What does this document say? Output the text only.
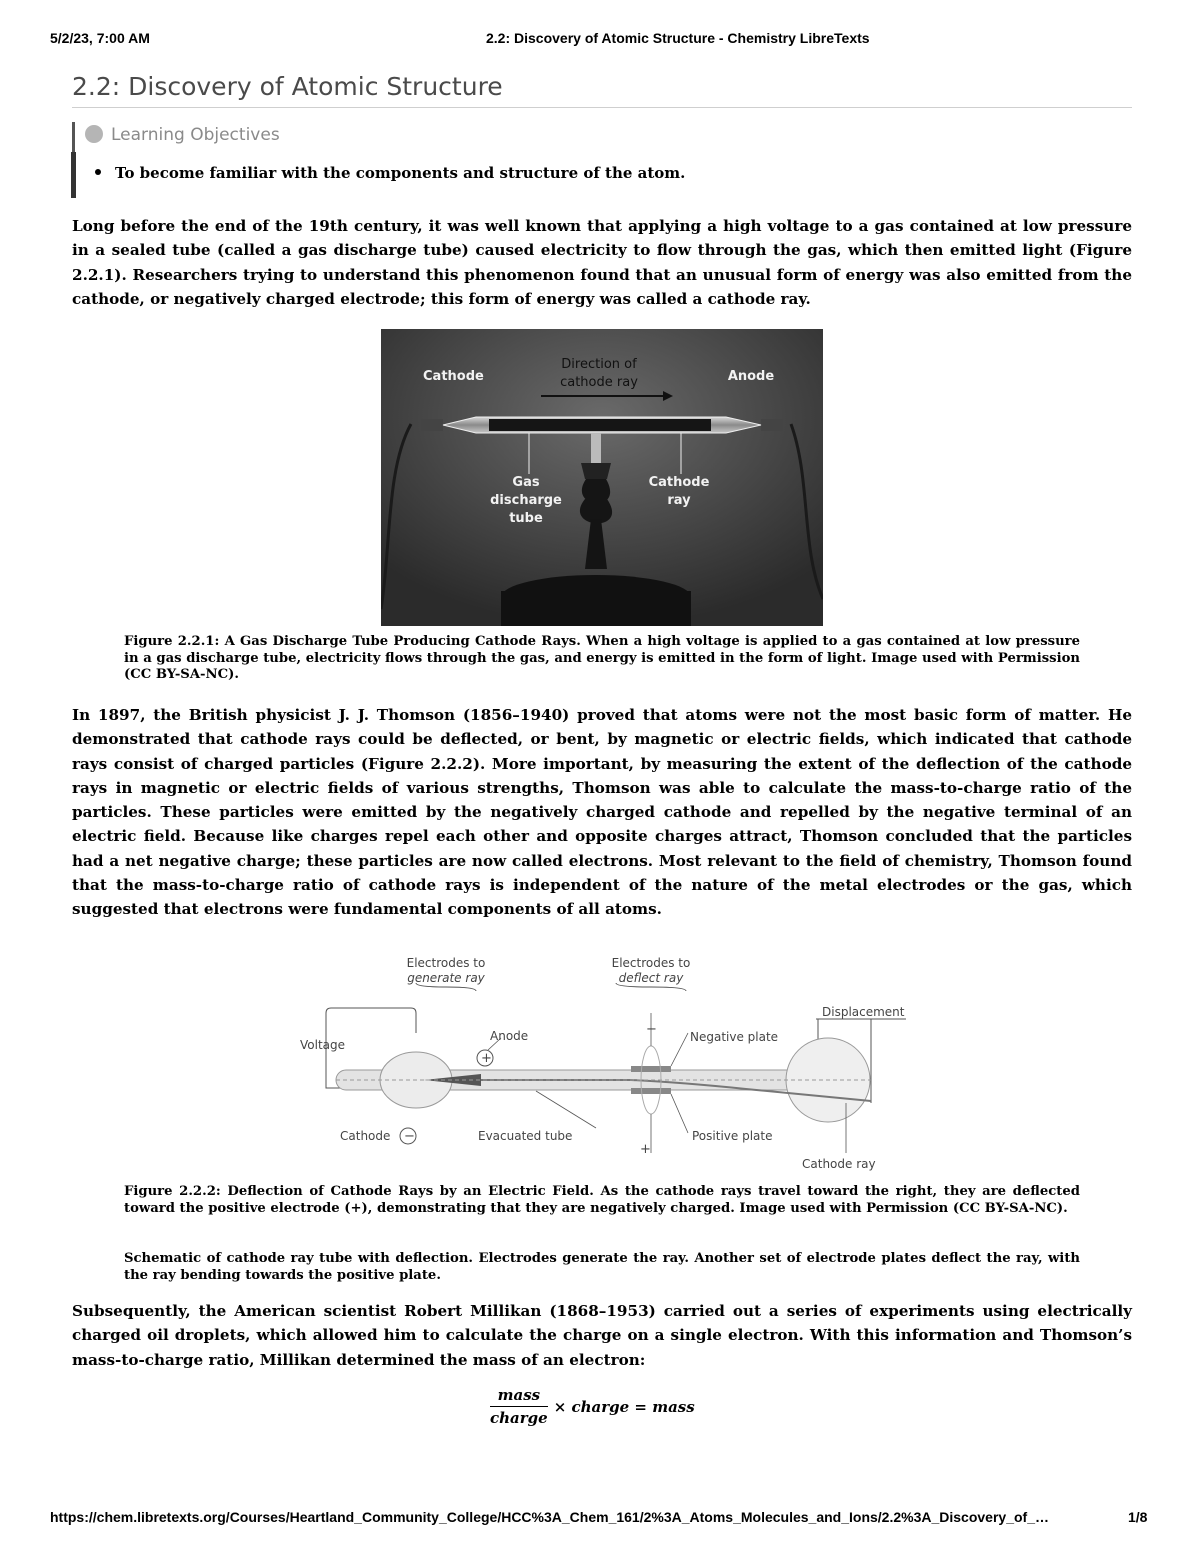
5/2/23, 7:00 AM	2.2: Discovery of Atomic Structure - Chemistry LibreTexts
2.2: Discovery of Atomic Structure
Learning Objectives
To become familiar with the components and structure of the atom.

Long before the end of the 19th century, it was well known that applying a high voltage to a gas contained at low pressure in a sealed tube (called a gas discharge tube) caused electricity to flow through the gas, which then emitted light (Figure 2.2.1). Researchers trying to understand this phenomenon found that an unusual form of energy was also emitted from the cathode, or negatively charged electrode; this form of energy was called a cathode ray.

Cathode
Direction of
cathode ray	Anode
Gas
discharge
tube
Cathode
ray

Figure 2.2.1: A Gas Discharge Tube Producing Cathode Rays. When a high voltage is applied to a gas contained at low pressure in a gas discharge tube, electricity flows through the gas, and energy is emitted in the form of light. Image used with Permission (CC BY-SA-NC).

In 1897, the British physicist J. J. Thomson (1856–1940) proved that atoms were not the most basic form of matter. He demonstrated that cathode rays could be deflected, or bent, by magnetic or electric fields, which indicated that cathode rays consist of charged particles (Figure 2.2.2). More important, by measuring the extent of the deflection of the cathode rays in magnetic or electric fields of various strengths, Thomson was able to calculate the mass-to-charge ratio of the particles. These particles were emitted by the negatively charged cathode and repelled by the negative terminal of an electric field. Because like charges repel each other and opposite charges attract, Thomson concluded that the particles had a net negative charge; these particles are now called electrons. Most relevant to the field of chemistry, Thomson found that the mass-to-charge ratio of cathode rays is independent of the nature of the metal electrodes or the gas, which suggested that electrons were fundamental components of all atoms.

Electrodes to
generate ray
Electrodes to
deflect ray
Displacement
Voltage
Anode
+
Negative plate
−
Cathode −	Evacuated tube	Positive plate
+
Cathode ray

Figure 2.2.2: Deflection of Cathode Rays by an Electric Field. As the cathode rays travel toward the right, they are deflected toward the positive electrode (+), demonstrating that they are negatively charged. Image used with Permission (CC BY-SA-NC).

Schematic of cathode ray tube with deflection. Electrodes generate the ray. Another set of electrode plates deflect the ray, with the ray bending towards the positive plate.

Subsequently, the American scientist Robert Millikan (1868–1953) carried out a series of experiments using electrically charged oil droplets, which allowed him to calculate the charge on a single electron. With this information and Thomson’s mass-to-charge ratio, Millikan determined the mass of an electron:

$\frac{\text{mass}}{\text{charge}}$ × charge = mass
https://chem.libretexts.org/Courses/Heartland_Community_College/HCC%3A_Chem_161/2%3A_Atoms_Molecules_and_Ions/2.2%3A_Discovery_of_…	1/8
